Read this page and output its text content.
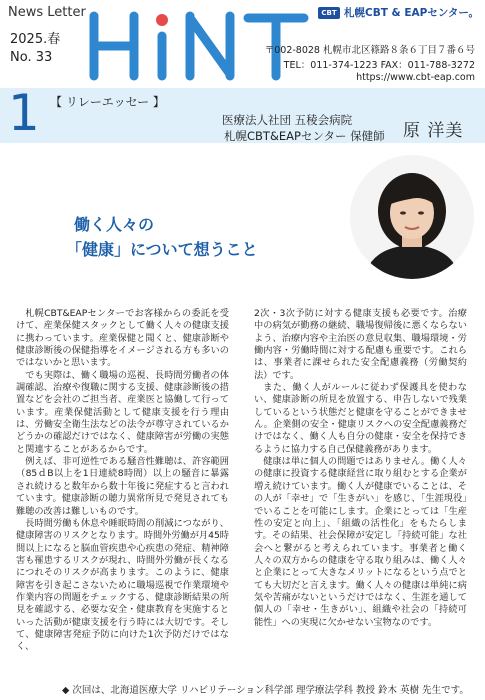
News Letter
2025.春
No. 33
CBT 札幌CBT & EAPセンター。
〒002-8028 札幌市北区篠路８条６丁目７番６号
TEL：011-374-1223 FAX：011-788-3272
https://www.cbt-eap.com
1 【 リレーエッセー 】
医療法人社団 五稜会病院
札幌CBT&EAPセンター 保健師 原 洋美
働く人々の
「健康」について想うこと

札幌CBT&EAPセンターでお客様からの委託を受けて、産業保健スタックとして働く人々の健康支援に携わっています。産業保健と聞くと、健康診断や健康診断後の保健指導をイメージされる方も多いのではないかと思います。

でも実際は、働く職場の巡視、長時間労働者の体調確認、治療や復職に関する支援、健康診断後の措置などを会社のご担当者、産業医と協働して行っています。産業保健活動として健康支援を行う理由は、労働安全衛生法などの法令が尊守されているかどうかの確認だけではなく、健康障害が労働の実態と関連することがあるからです。

例えば、非可逆性である騒音性難聴は、許容範囲（85ｄB以上を1日連続8時間）以上の騒音に暴露され続けると数年から数十年後に発症すると言われています。健康診断の聴力異常所見で発見されても難聴の改善は難しいものです。

長時間労働も休息や睡眠時間の削減につながり、健康障害のリスクとなります。時間外労働が月45時間以上になると脳血管疾患や心疾患の発症、精神障害も罹患するリスクが現れ、時間外労働が長くなるにつれそのリスクが高まります。このように、健康障害を引き起こさないために職場巡視で作業環境や作業内容の問題をチェックする、健康診断結果の所見を確認する、必要な安全・健康教育を実施するといった活動が健康支援を行う時には大切です。そして、健康障害発症予防に向けた1次予防だけではなく、

2次・3次予防に対する健康支援も必要です。治療中の病気が勤務の継続、職場復帰後に悪くならないよう、治療内容や主治医の意見収集、職場環境・労働内容・労働時間に対する配慮も重要です。これらは、事業者に課せられた安全配慮義務（労働契約法）です。

また、働く人がルールに従わず保護具を使わない、健康診断の所見を放置する、申告しないで残業しているという状態だと健康を守ることができません。企業側の安全・健康リスクへの安全配慮義務だけではなく、働く人も自分の健康・安全を保持できるように協力する自己保健義務があります。

健康は単に個人の問題ではありません。働く人々の健康に投資する健康経営に取り組むとする企業が増え続けています。働く人が健康でいることは、その人が「幸せ」で「生きがい」を感じ、「生涯現役」でいることを可能にします。企業にとっては「生産性の安定と向上」、「組織の活性化」をもたらします。その結果、社会保障が安定し「持続可能」な社会へと繋がると考えられています。事業者と働く人々の双方からの健康を守る取り組みは、働く人々と企業にとって大きなメリットになるという点でとても大切だと言えます。働く人々の健康は単純に病気や苦痛がないというだけではなく、生涯を通して個人の「幸せ・生きがい」、組織や社会の「持続可能性」への実現に欠かせない宝物なのです。

◆ 次回は、北海道医療大学 リハビリテーション科学部 理学療法学科 教授 鈴木 英樹 先生です。
